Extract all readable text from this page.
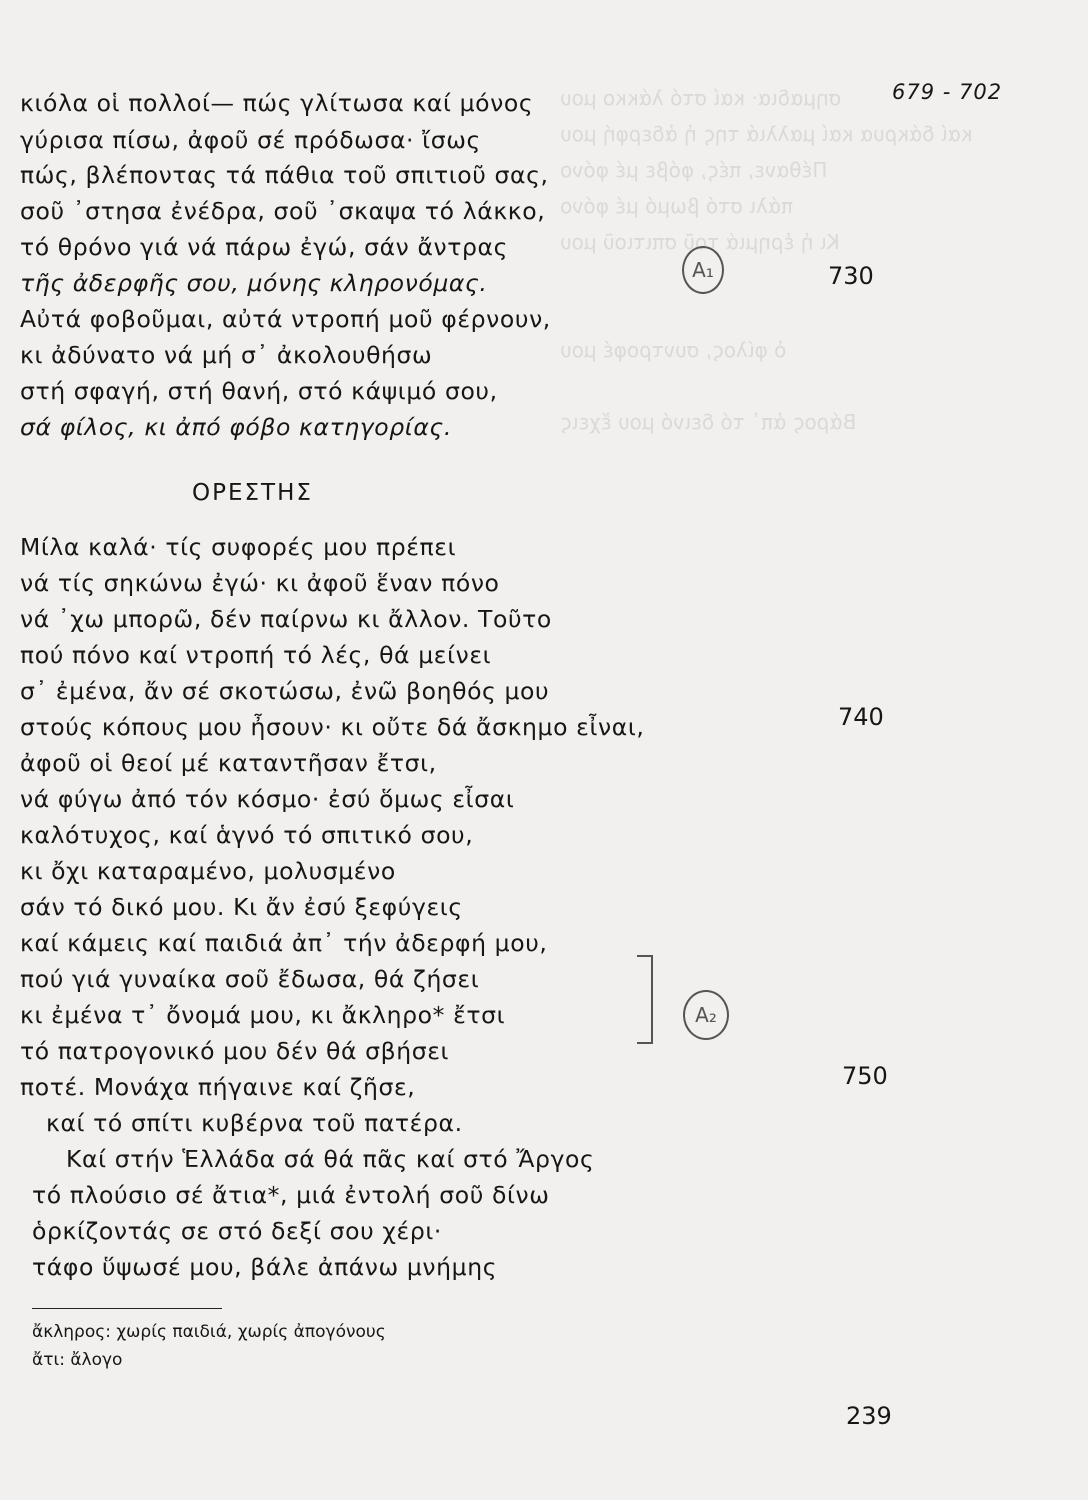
σημαδια· καί στό λάκκο μου
καί δάκρυα καί μαλλιά της ἡ ἀδερφή μου
Πέθανε, πές, φόβε μέ φόνο
πάλι στό βωμό μέ φόνο
Κι ἡ ἐρημιά τοῦ σπιτιοῦ μου
ὁ φίλος, συντροφέ μου
Βάρος ἀπ᾿ τό δεινό μου ἔχεις
679 - 702
κιόλα οἱ πολλοί— πώς γλίτωσα καί μόνος
γύρισα πίσω, ἀφοῦ σέ πρόδωσα· ἴσως
πώς, βλέποντας τά πάθια τοῦ σπιτιοῦ σας,
σοῦ ᾿στησα ἐνέδρα, σοῦ ᾿σκαψα τό λάκκο,
τό θρόνο γιά νά πάρω ἐγώ, σάν ἄντρας
τῆς ἀδερφῆς σου, μόνης κληρονόμας.	730
A₁
Αὐτά φοβοῦμαι, αὐτά ντροπή μοῦ φέρνουν,
κι ἀδύνατο νά μή σ᾿ ἀκολουθήσω
στή σφαγή, στή θανή, στό κάψιμό σου,
σά φίλος, κι ἀπό φόβο κατηγορίας.
ΟΡΕΣΤΗΣ
Μίλα καλά· τίς συφορές μου πρέπει
νά τίς σηκώνω ἐγώ· κι ἀφοῦ ἕναν πόνο
νά ᾿χω μπορῶ, δέν παίρνω κι ἄλλον. Τοῦτο
πού πόνο καί ντροπή τό λές, θά μείνει
σ᾿ ἐμένα, ἄν σέ σκοτώσω, ἐνῶ βοηθός μου
στούς κόπους μου ἦσουν· κι οὔτε δά ἄσκημο εἶναι,	740
ἀφοῦ οἱ θεοί μέ καταντῆσαν ἔτσι,
νά φύγω ἀπό τόν κόσμο· ἐσύ ὅμως εἶσαι
καλότυχος, καί ἁγνό τό σπιτικό σου,
κι ὄχι καταραμένο, μολυσμένο
σάν τό δικό μου. Κι ἄν ἐσύ ξεφύγεις
καί κάμεις καί παιδιά ἀπ᾿ τήν ἀδερφή μου,
πού γιά γυναίκα σοῦ ἔδωσα, θά ζήσει
κι ἐμένα τ᾿ ὄνομά μου, κι ἄκληρο* ἔτσι
τό πατρογονικό μου δέν θά σβήσει
A₂
ποτέ. Μονάχα πήγαινε καί ζῆσε,	750
καί τό σπίτι κυβέρνα τοῦ πατέρα.
Καί στήν Ἑλλάδα σά θά πᾶς καί στό Ἄργος
τό πλούσιο σέ ἄτια*, μιά ἐντολή σοῦ δίνω
ὁρκίζοντάς σε στό δεξί σου χέρι·
τάφο ὕψωσέ μου, βάλε ἀπάνω μνήμης
ἄκληρος: χωρίς παιδιά, χωρίς ἀπογόνους
ἄτι: ἄλογο
239
